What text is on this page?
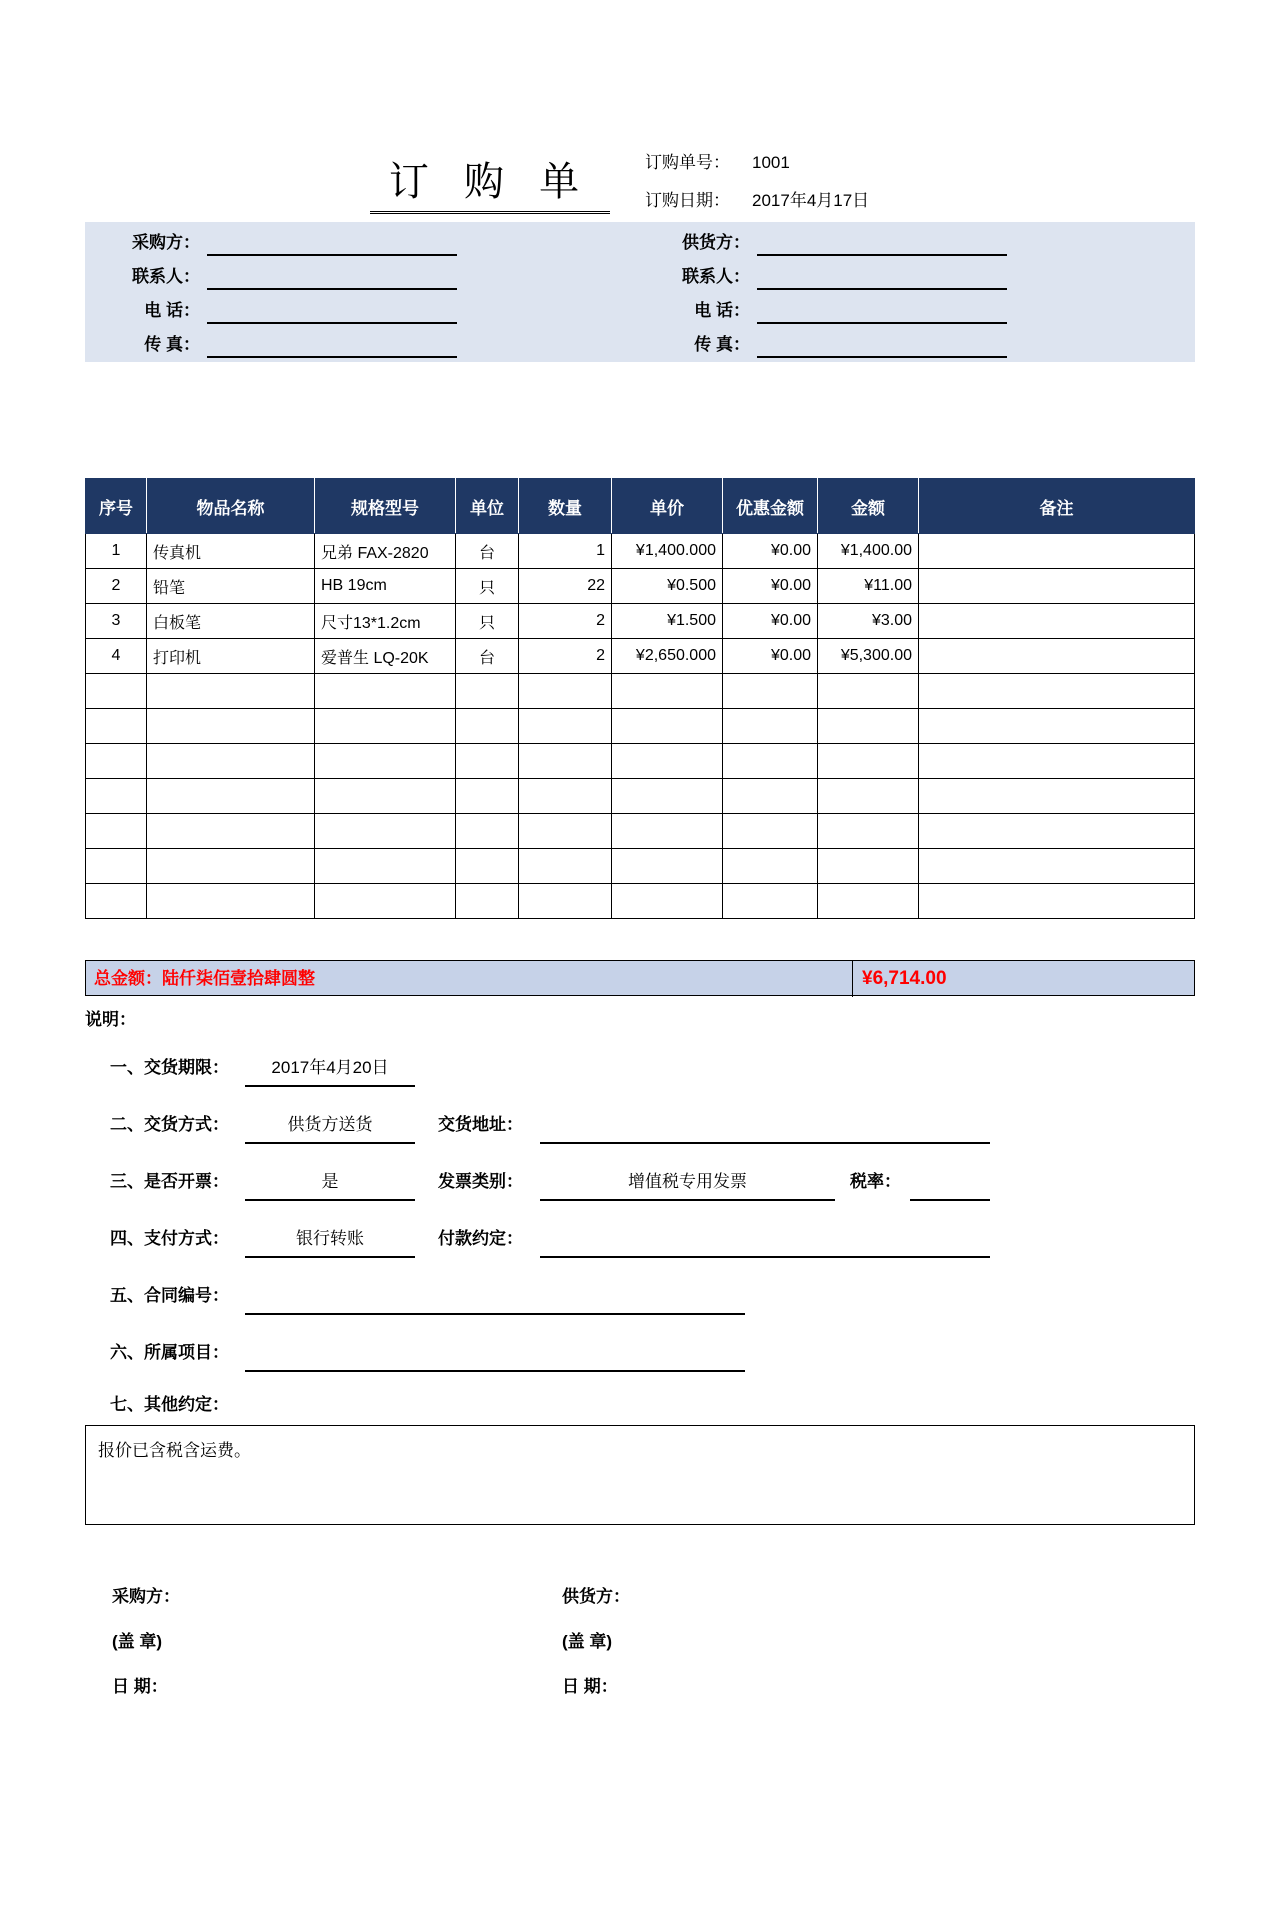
订 购 单	订购单号： 1001
订购日期： 2017年4月17日
采购方：
联系人：
电 话：
传 真：
供货方：
联系人：
电 话：
传 真：
序号	物品名称	规格型号	单位	数量	单价	优惠金额	金额	备注
1	传真机	兄弟 FAX-2820	台	1	¥1,400.000	¥0.00	¥1,400.00	
2	铅笔	HB 19cm	只	22	¥0.500	¥0.00	¥11.00	
3	白板笔	尺寸13*1.2cm	只	2	¥1.500	¥0.00	¥3.00	
4	打印机	爱普生 LQ-20K	台	2	¥2,650.000	¥0.00	¥5,300.00	

总金额：陆仟柒佰壹拾肆圆整	¥6,714.00
说明：
一、交货期限：	2017年4月20日
二、交货方式：	供货方送货	交货地址：
三、是否开票：	是	发票类别：	增值税专用发票	税率：
四、支付方式：	银行转账	付款约定：
五、合同编号：
六、所属项目：
七、其他约定：
报价已含税含运费。
采购方：
(盖 章)
日 期：
供货方：
(盖 章)
日 期：
